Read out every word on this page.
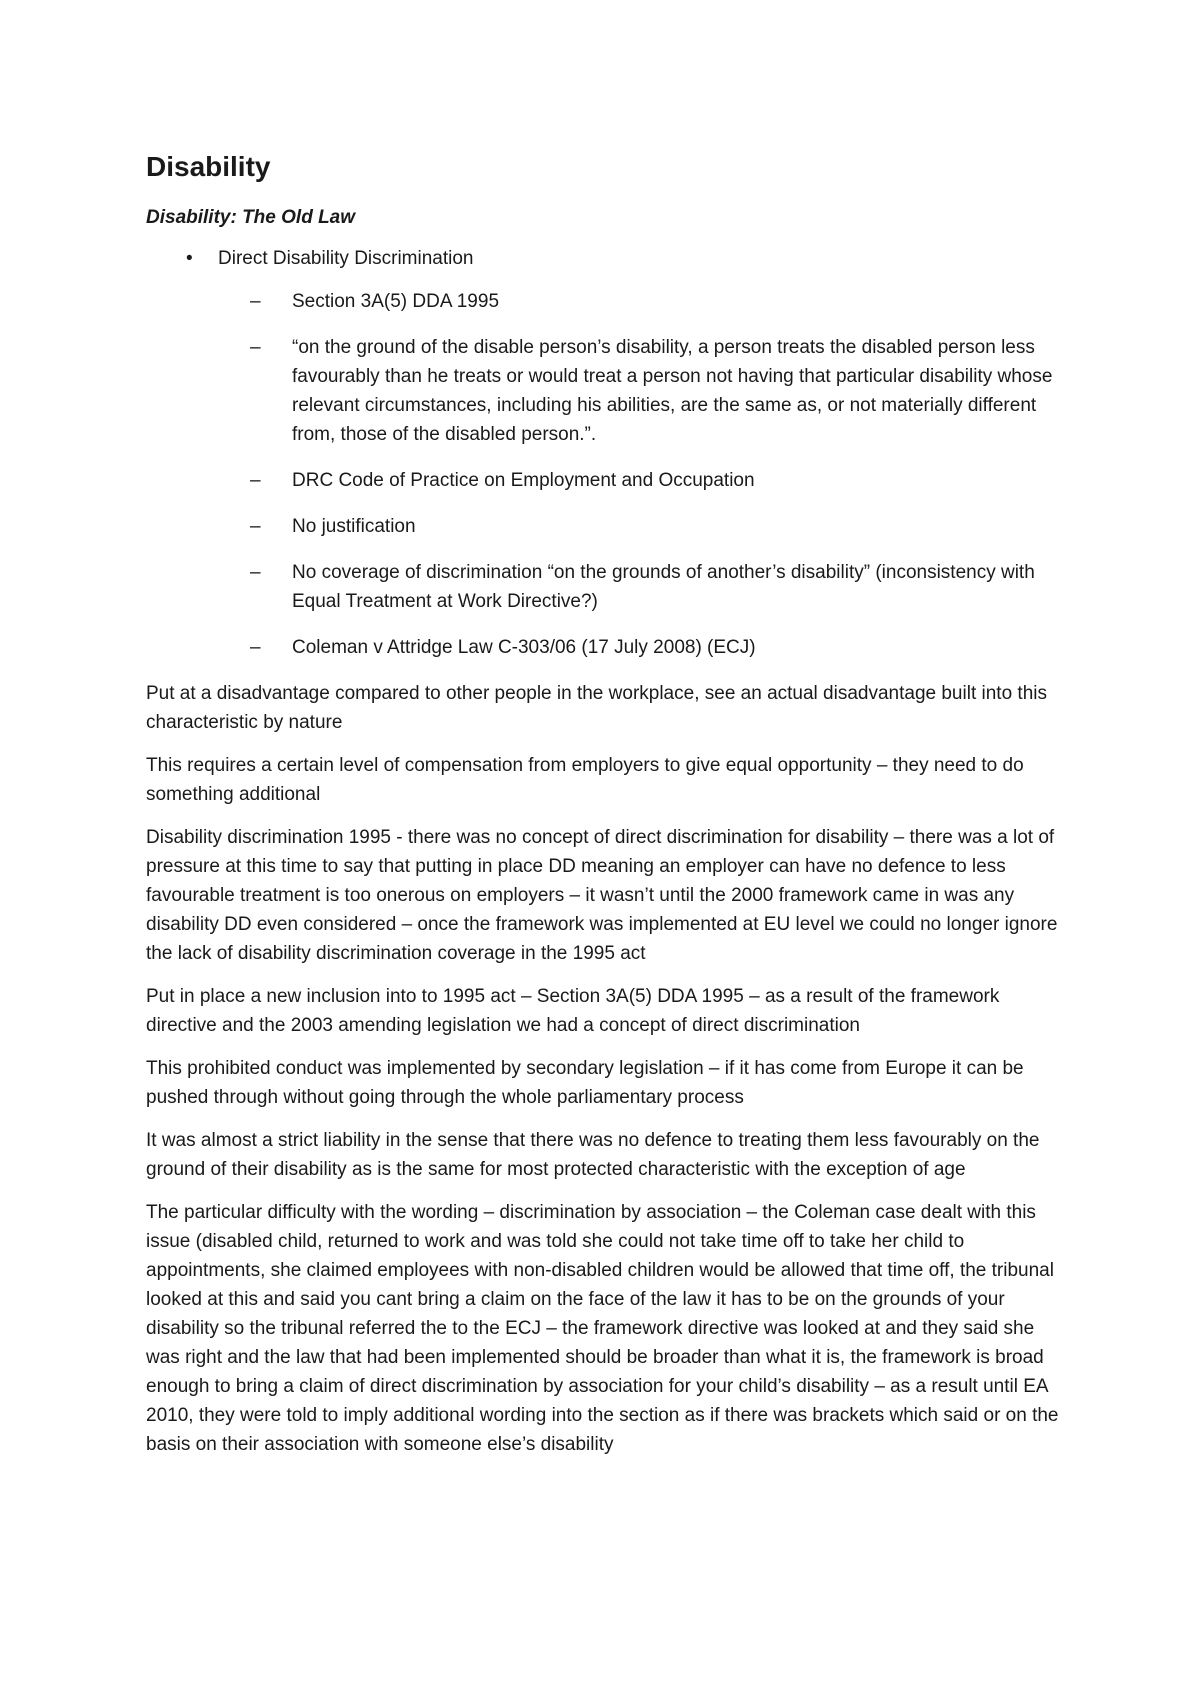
Disability
Disability: The Old Law
• Direct Disability Discrimination
– Section 3A(5) DDA 1995
– “on the ground of the disable person’s disability, a person treats the disabled person less favourably than he treats or would treat a person not having that particular disability whose relevant circumstances, including his abilities, are the same as, or not materially different from, those of the disabled person.”.
– DRC Code of Practice on Employment and Occupation
– No justification
– No coverage of discrimination “on the grounds of another’s disability” (inconsistency with Equal Treatment at Work Directive?)
– Coleman v Attridge Law C-303/06 (17 July 2008) (ECJ)

Put at a disadvantage compared to other people in the workplace, see an actual disadvantage built into this characteristic by nature

This requires a certain level of compensation from employers to give equal opportunity – they need to do something additional

Disability discrimination 1995 - there was no concept of direct discrimination for disability – there was a lot of pressure at this time to say that putting in place DD meaning an employer can have no defence to less favourable treatment is too onerous on employers – it wasn’t until the 2000 framework came in was any disability DD even considered – once the framework was implemented at EU level we could no longer ignore the lack of disability discrimination coverage in the 1995 act

Put in place a new inclusion into to 1995 act – Section 3A(5) DDA 1995 – as a result of the framework directive and the 2003 amending legislation we had a concept of direct discrimination

This prohibited conduct was implemented by secondary legislation – if it has come from Europe it can be pushed through without going through the whole parliamentary process

It was almost a strict liability in the sense that there was no defence to treating them less favourably on the ground of their disability as is the same for most protected characteristic with the exception of age

The particular difficulty with the wording – discrimination by association – the Coleman case dealt with this issue (disabled child, returned to work and was told she could not take time off to take her child to appointments, she claimed employees with non-disabled children would be allowed that time off, the tribunal looked at this and said you cant bring a claim on the face of the law it has to be on the grounds of your disability so the tribunal referred the to the ECJ – the framework directive was looked at and they said she was right and the law that had been implemented should be broader than what it is, the framework is broad enough to bring a claim of direct discrimination by association for your child’s disability – as a result until EA 2010, they were told to imply additional wording into the section as if there was brackets which said or on the basis on their association with someone else’s disability
